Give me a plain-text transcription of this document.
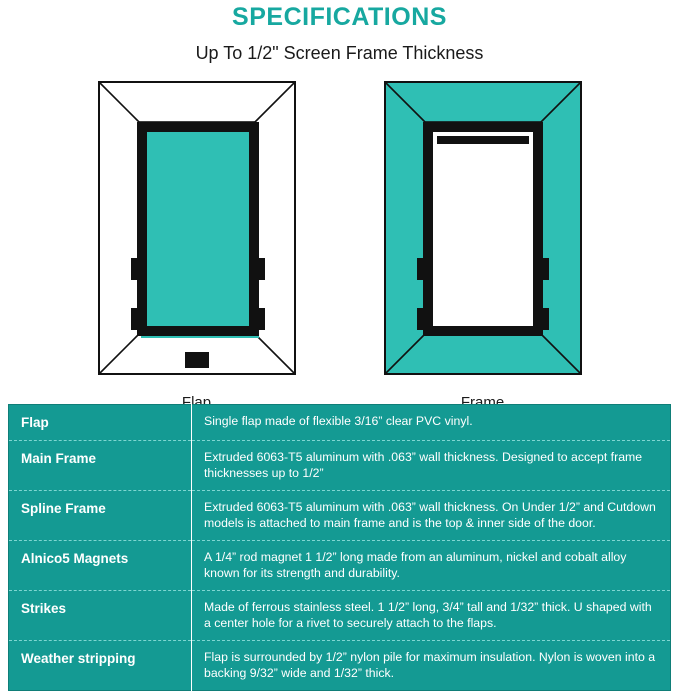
SPECIFICATIONS
Up To 1/2" Screen Frame Thickness
Flap	Frame
Flap	Single flap made of flexible 3/16” clear PVC vinyl.
Main Frame	Extruded 6063-T5 aluminum with .063” wall thickness. Designed to accept frame thicknesses up to 1/2”
Spline Frame	Extruded 6063-T5 aluminum with .063” wall thickness. On Under 1/2” and Cutdown models is attached to main frame and is the top & inner side of the door.
Alnico5 Magnets	A 1/4” rod magnet 1 1/2” long made from an aluminum, nickel and cobalt alloy known for its strength and durability.
Strikes	Made of ferrous stainless steel. 1 1/2” long, 3/4” tall and 1/32” thick. U shaped with a center hole for a rivet to securely attach to the flaps.
Weather stripping	Flap is surrounded by 1/2” nylon pile for maximum insulation. Nylon is woven into a backing 9/32” wide and 1/32” thick.
